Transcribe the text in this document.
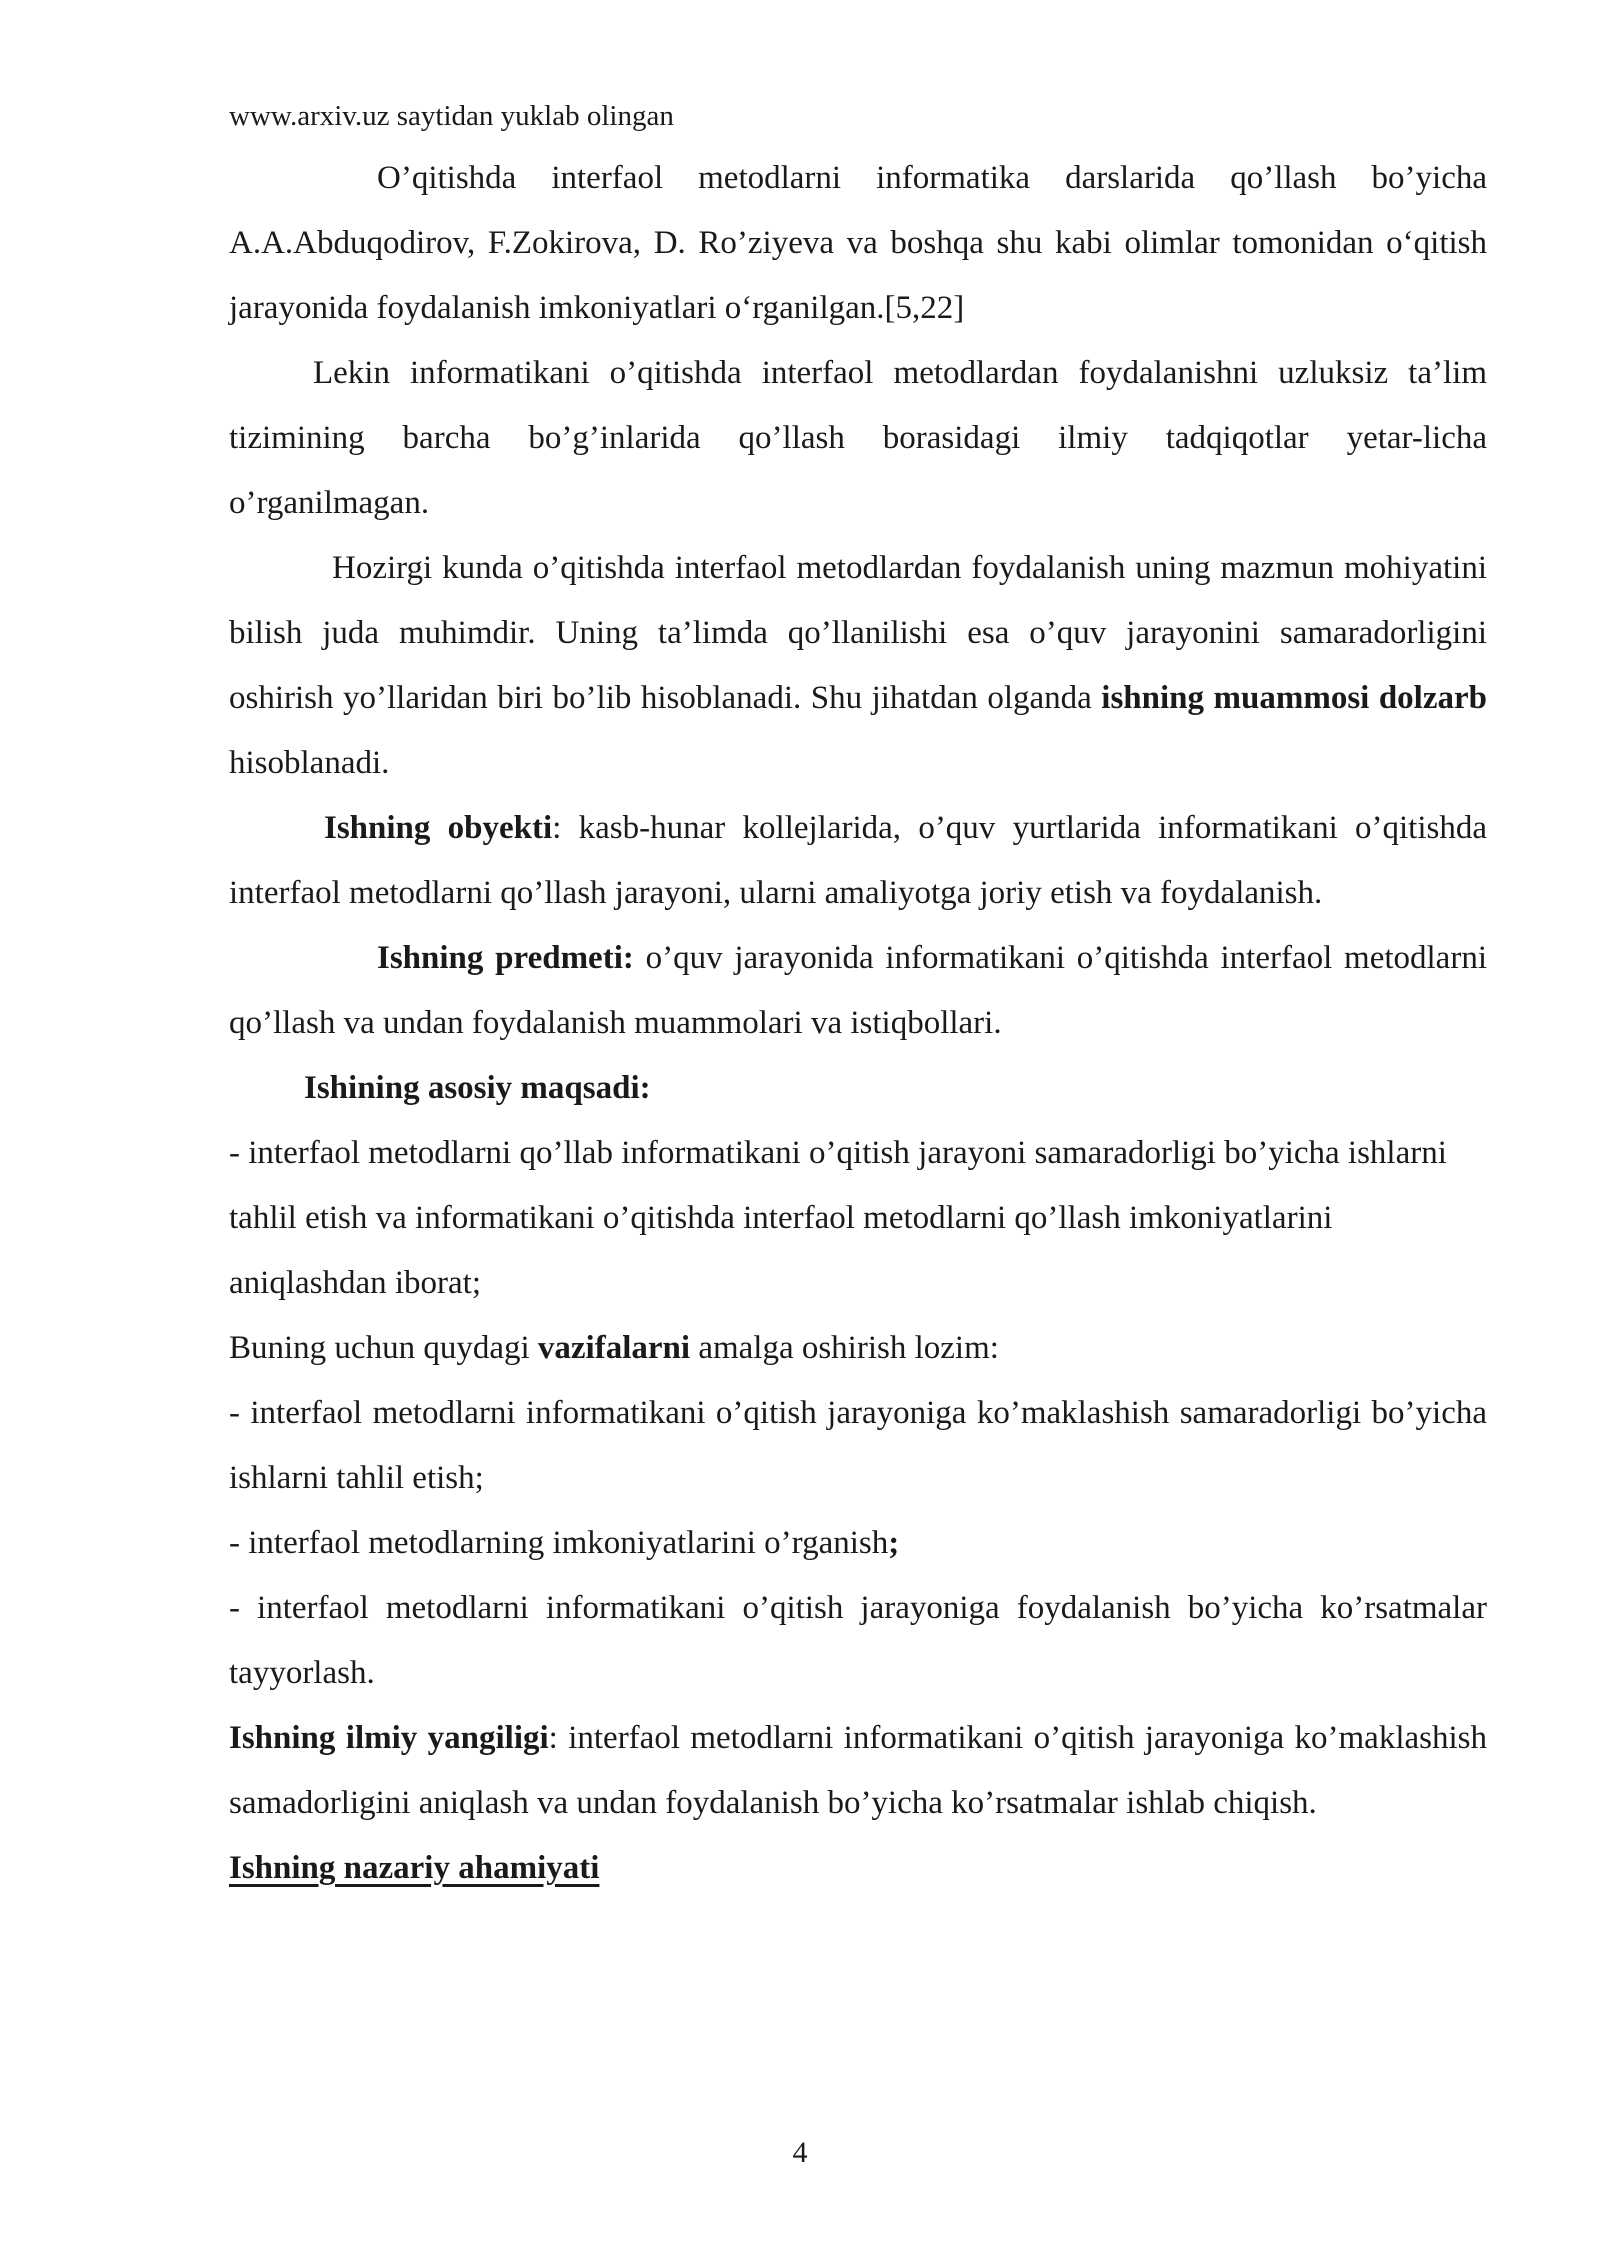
www.arxiv.uz saytidan yuklab olingan

O’qitishda interfaol metodlarni informatika darslarida qo’llash bo’yicha A.A.Abduqodirov, F.Zokirova, D. Ro’ziyeva va boshqa shu kabi olimlar tomonidan o‘qitish jarayonida foydalanish imkoniyatlari o‘rganilgan.[5,22]

Lekin informatikani o’qitishda interfaol metodlardan foydalanishni uzluksiz ta’lim tizimining barcha bo’g’inlarida qo’llash borasidagi ilmiy tadqiqotlar yetar-licha o’rganilmagan.

Hozirgi kunda o’qitishda interfaol metodlardan foydalanish uning mazmun mohiyatini bilish juda muhimdir. Uning ta’limda qo’llanilishi esa o’quv jarayonini samaradorligini oshirish yo’llaridan biri bo’lib hisoblanadi. Shu jihatdan olganda ishning muammosi dolzarb hisoblanadi.

Ishning obyekti: kasb-hunar kollejlarida, o’quv yurtlarida informatikani o’qitishda interfaol metodlarni qo’llash jarayoni, ularni amaliyotga joriy etish va foydalanish.

Ishning predmeti: o’quv jarayonida informatikani o’qitishda interfaol metodlarni qo’llash va undan foydalanish muammolari va istiqbollari.

Ishining asosiy maqsadi:

- interfaol metodlarni qo’llab informatikani o’qitish jarayoni samaradorligi bo’yicha ishlarni tahlil etish va informatikani o’qitishda interfaol metodlarni qo’llash imkoniyatlarini aniqlashdan iborat;

Buning uchun quydagi vazifalarni amalga oshirish lozim:

- interfaol metodlarni informatikani o’qitish jarayoniga ko’maklashish samaradorligi bo’yicha ishlarni tahlil etish;

- interfaol metodlarning imkoniyatlarini o’rganish;

- interfaol metodlarni informatikani o’qitish jarayoniga foydalanish bo’yicha ko’rsatmalar tayyorlash.

Ishning ilmiy yangiligi: interfaol metodlarni informatikani o’qitish jarayoniga ko’maklashish samadorligini aniqlash va undan foydalanish bo’yicha ko’rsatmalar ishlab chiqish.

Ishning nazariy ahamiyati

4
